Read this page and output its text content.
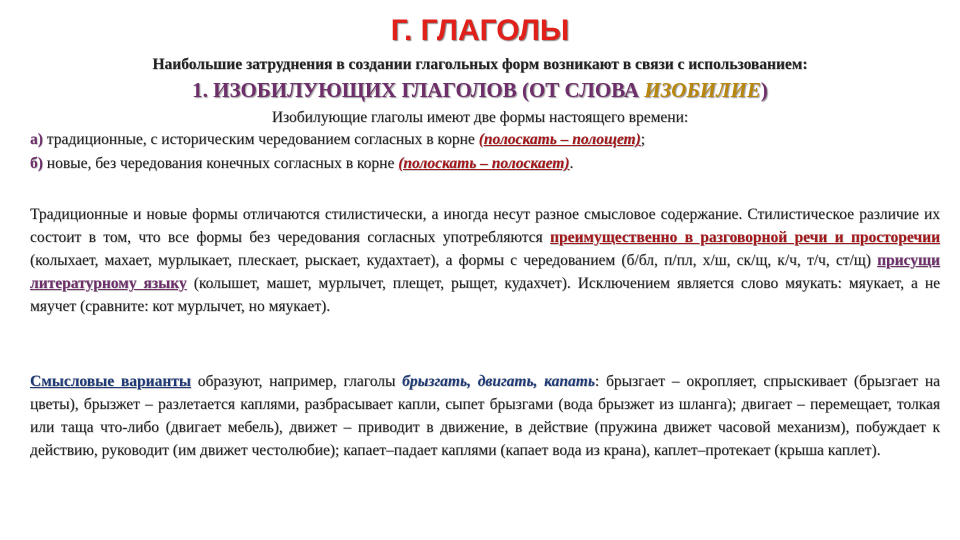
Г. ГЛАГОЛЫ
Наибольшие затруднения в создании глагольных форм возникают в связи с использованием:
1. ИЗОБИЛУЮЩИХ ГЛАГОЛОВ (ОТ СЛОВА ИЗОБИЛИЕ)
Изобилующие глаголы имеют две формы настоящего времени:
а) традиционные, с историческим чередованием согласных в корне (полоскать – полощет);
б) новые, без чередования конечных согласных в корне (полоскать – полоскает).
Традиционные и новые формы отличаются стилистически, а иногда несут разное смысловое содержание. Стилистическое различие их состоит в том, что все формы без чередования согласных употребляются преимущественно в разговорной речи и просторечии (колыхает, махает, мурлыкает, плескает, рыскает, кудахтает), а формы с чередованием (б/бл, п/пл, х/ш, ск/щ, к/ч, т/ч, ст/щ) присущи литературному языку (колышет, машет, мурлычет, плещет, рыщет, кудахчет). Исключением является слово мяукать: мяукает, а не мяучет (сравните: кот мурлычет, но мяукает).
Смысловые варианты образуют, например, глаголы брызгать, двигать, капать: брызгает – окропляет, спрыскивает (брызгает на цветы), брызжет – разлетается каплями, разбрасывает капли, сыпет брызгами (вода брызжет из шланга); двигает – перемещает, толкая или таща что-либо (двигает мебель), движет – приводит в движение, в действие (пружина движет часовой механизм), побуждает к действию, руководит (им движет честолюбие); капает–падает каплями (капает вода из крана), каплет–протекает (крыша каплет).
